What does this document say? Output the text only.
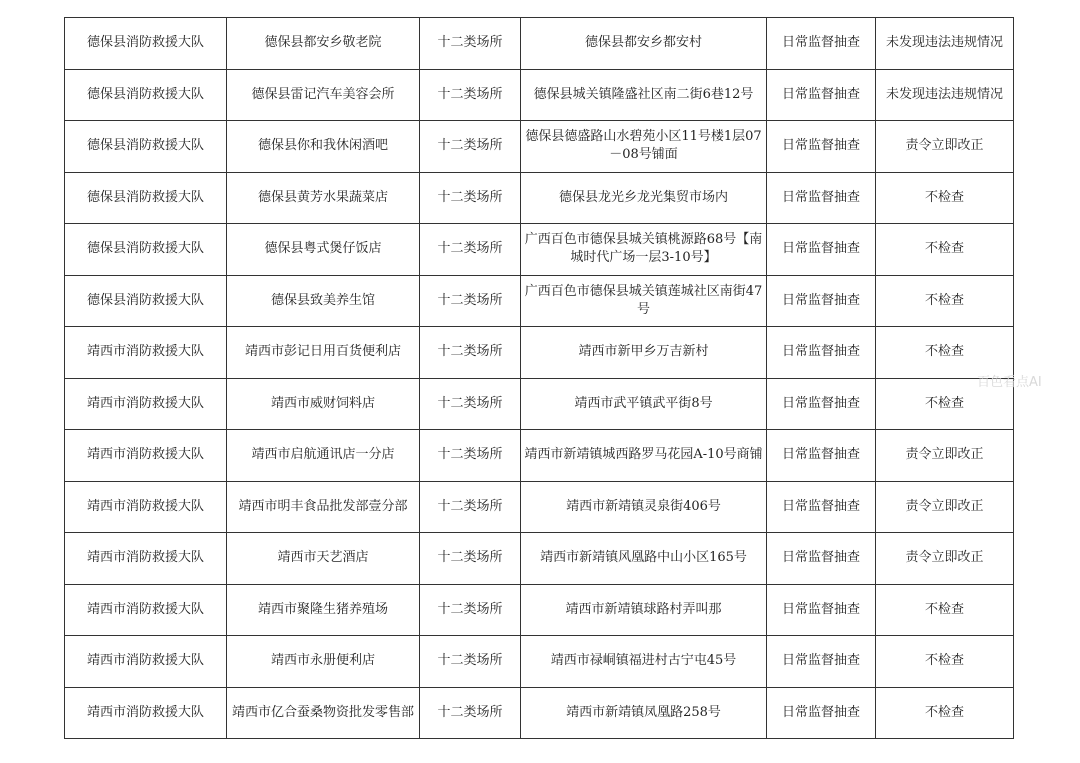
德保县消防救援大队	德保县都安乡敬老院	十二类场所	德保县都安乡都安村	日常监督抽查	未发现违法违规情况
德保县消防救援大队	德保县雷记汽车美容会所	十二类场所	德保县城关镇隆盛社区南二街6巷12号	日常监督抽查	未发现违法违规情况
德保县消防救援大队	德保县你和我休闲酒吧	十二类场所	德保县德盛路山水碧苑小区11号楼1层07－08号铺面	日常监督抽查	责令立即改正
德保县消防救援大队	德保县黄芳水果蔬菜店	十二类场所	德保县龙光乡龙光集贸市场内	日常监督抽查	不检查
德保县消防救援大队	德保县粤式煲仔饭店	十二类场所	广西百色市德保县城关镇桃源路68号【南城时代广场一层3-10号】	日常监督抽查	不检查
德保县消防救援大队	德保县致美养生馆	十二类场所	广西百色市德保县城关镇莲城社区南街47号	日常监督抽查	不检查
靖西市消防救援大队	靖西市彭记日用百货便利店	十二类场所	靖西市新甲乡万吉新村	日常监督抽查	不检查
靖西市消防救援大队	靖西市威财饲料店	十二类场所	靖西市武平镇武平街8号	日常监督抽查	不检查
靖西市消防救援大队	靖西市启航通讯店一分店	十二类场所	靖西市新靖镇城西路罗马花园A-10号商铺	日常监督抽查	责令立即改正
靖西市消防救援大队	靖西市明丰食品批发部壹分部	十二类场所	靖西市新靖镇灵泉街406号	日常监督抽查	责令立即改正
靖西市消防救援大队	靖西市天艺酒店	十二类场所	靖西市新靖镇风凰路中山小区165号	日常监督抽查	责令立即改正
靖西市消防救援大队	靖西市聚隆生猪养殖场	十二类场所	靖西市新靖镇球路村弄叫那	日常监督抽查	不检查
靖西市消防救援大队	靖西市永册便利店	十二类场所	靖西市禄峒镇福进村古宁屯45号	日常监督抽查	不检查
靖西市消防救援大队	靖西市亿合蚕桑物资批发零售部	十二类场所	靖西市新靖镇凤凰路258号	日常监督抽查	不检查
百色看点AI
